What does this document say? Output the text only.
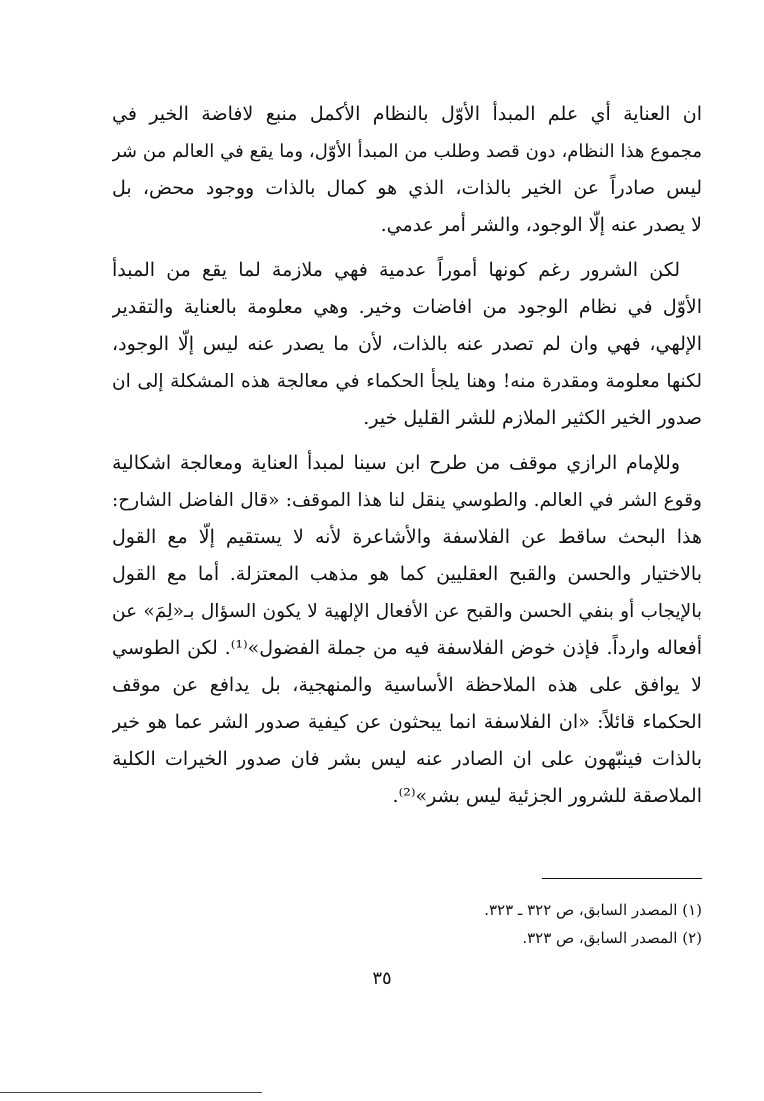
ان العناية أي علم المبدأ الأوّل بالنظام الأكمل منبع لافاضة الخير في
مجموع هذا النظام، دون قصد وطلب من المبدأ الأوّل، وما يقع في العالم من شر
ليس صادراً عن الخير بالذات، الذي هو كمال بالذات ووجود محض، بل
لا يصدر عنه إلّا الوجود، والشر أمر عدمي.
لكن الشرور رغم كونها أموراً عدمية فهي ملازمة لما يقع من المبدأ
الأوّل في نظام الوجود من افاضات وخير. وهي معلومة بالعناية والتقدير
الإلهي، فهي وان لم تصدر عنه بالذات، لأن ما يصدر عنه ليس إلّا الوجود،
لكنها معلومة ومقدرة منه! وهنا يلجأ الحكماء في معالجة هذه المشكلة إلى ان
صدور الخير الكثير الملازم للشر القليل خير.
وللإمام الرازي موقف من طرح ابن سينا لمبدأ العناية ومعالجة اشكالية
وقوع الشر في العالم. والطوسي ينقل لنا هذا الموقف: «قال الفاضل الشارح:
هذا البحث ساقط عن الفلاسفة والأشاعرة لأنه لا يستقيم إلّا مع القول
بالاختيار والحسن والقبح العقليين كما هو مذهب المعتزلة. أما مع القول
بالإيجاب أو بنفي الحسن والقبح عن الأفعال الإلهية لا يكون السؤال بـ«لِمَ» عن
أفعاله وارداً. فإذن خوض الفلاسفة فيه من جملة الفضول»⁽¹⁾. لكن الطوسي
لا يوافق على هذه الملاحظة الأساسية والمنهجية، بل يدافع عن موقف
الحكماء قائلاً: «ان الفلاسفة انما يبحثون عن كيفية صدور الشر عما هو خير
بالذات فينبّهون على ان الصادر عنه ليس بشر فان صدور الخيرات الكلية
الملاصقة للشرور الجزئية ليس بشر»⁽²⁾.
(١) المصدر السابق، ص ٣٢٢ ـ ٣٢٣.
(٢) المصدر السابق، ص ٣٢٣.
٣٥
